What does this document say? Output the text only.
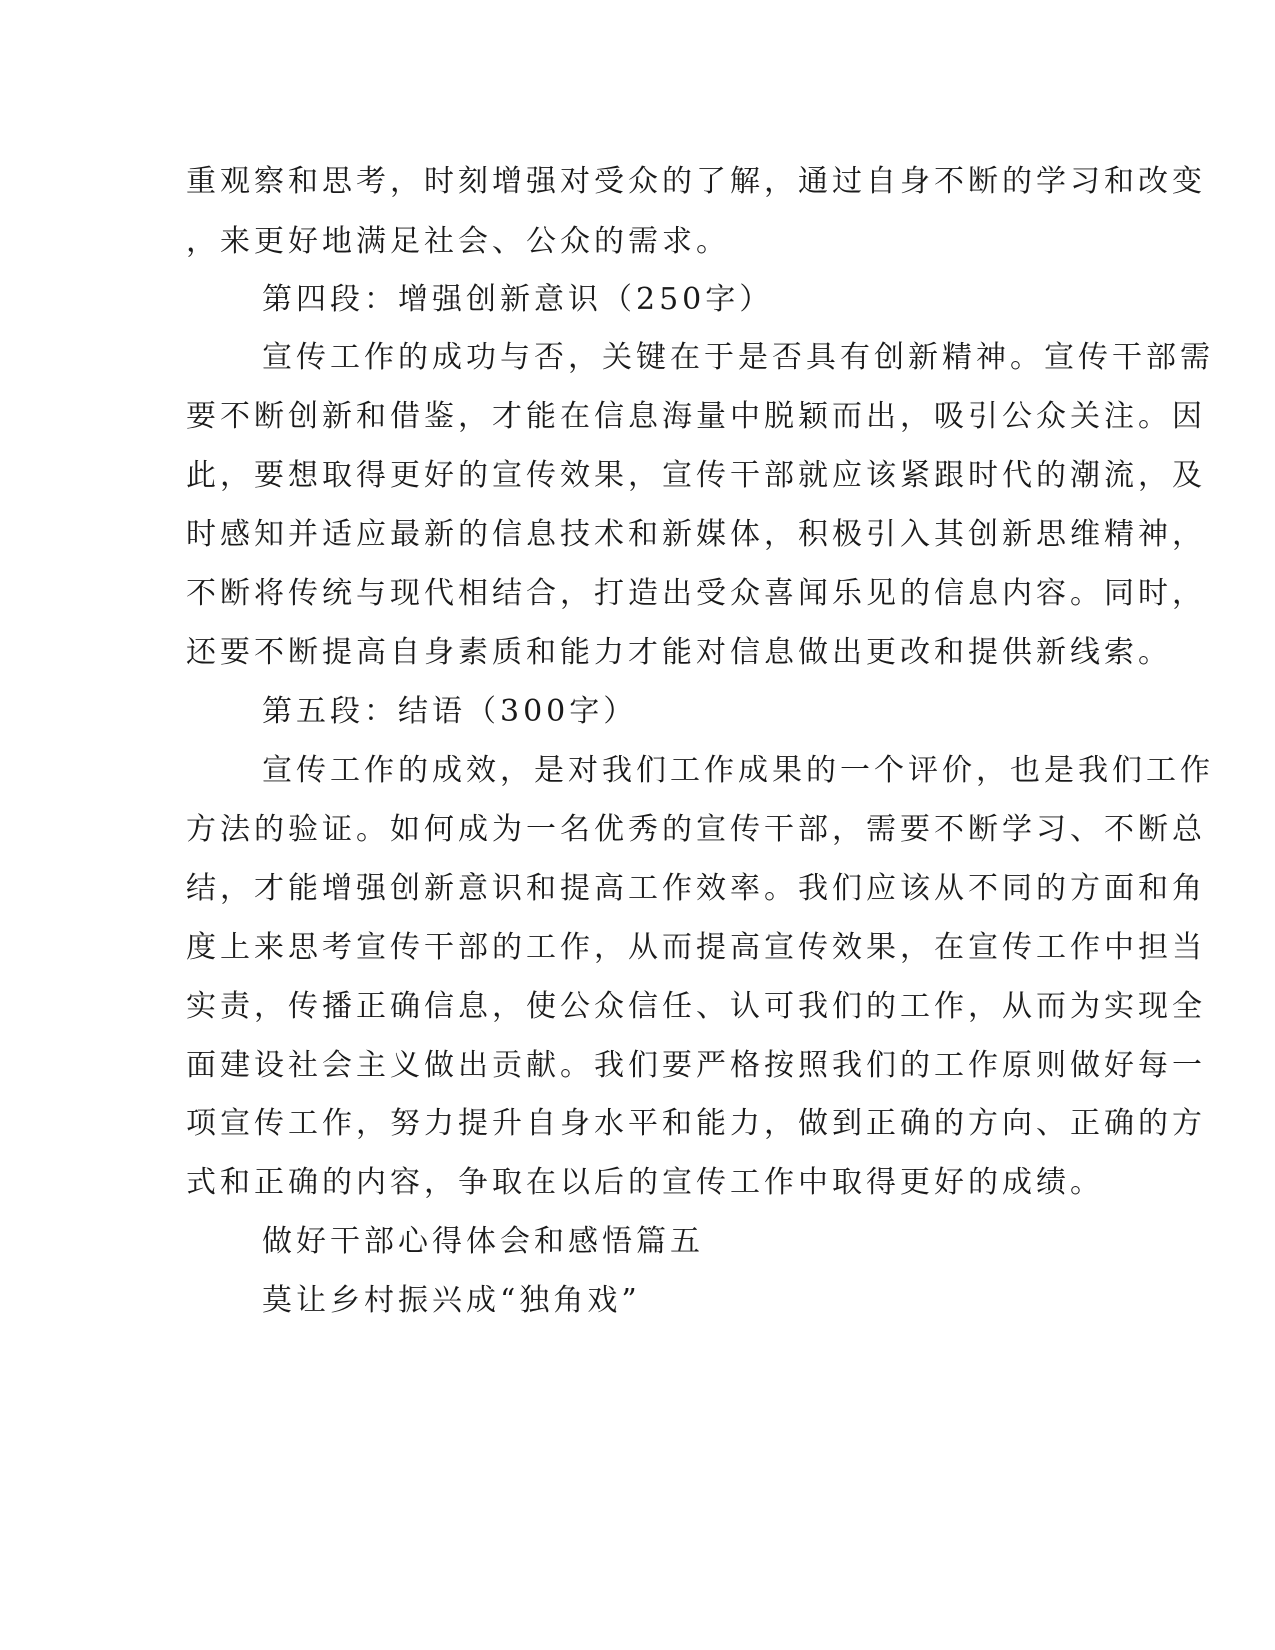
重观察和思考，时刻增强对受众的了解，通过自身不断的学习和改变
，来更好地满足社会、公众的需求。
第四段：增强创新意识（250字）
宣传工作的成功与否，关键在于是否具有创新精神。宣传干部需
要不断创新和借鉴，才能在信息海量中脱颖而出，吸引公众关注。因
此，要想取得更好的宣传效果，宣传干部就应该紧跟时代的潮流，及
时感知并适应最新的信息技术和新媒体，积极引入其创新思维精神，
不断将传统与现代相结合，打造出受众喜闻乐见的信息内容。同时，
还要不断提高自身素质和能力才能对信息做出更改和提供新线索。
第五段：结语（300字）
宣传工作的成效，是对我们工作成果的一个评价，也是我们工作
方法的验证。如何成为一名优秀的宣传干部，需要不断学习、不断总
结，才能增强创新意识和提高工作效率。我们应该从不同的方面和角
度上来思考宣传干部的工作，从而提高宣传效果，在宣传工作中担当
实责，传播正确信息，使公众信任、认可我们的工作，从而为实现全
面建设社会主义做出贡献。我们要严格按照我们的工作原则做好每一
项宣传工作，努力提升自身水平和能力，做到正确的方向、正确的方
式和正确的内容，争取在以后的宣传工作中取得更好的成绩。
做好干部心得体会和感悟篇五
莫让乡村振兴成“独角戏”
